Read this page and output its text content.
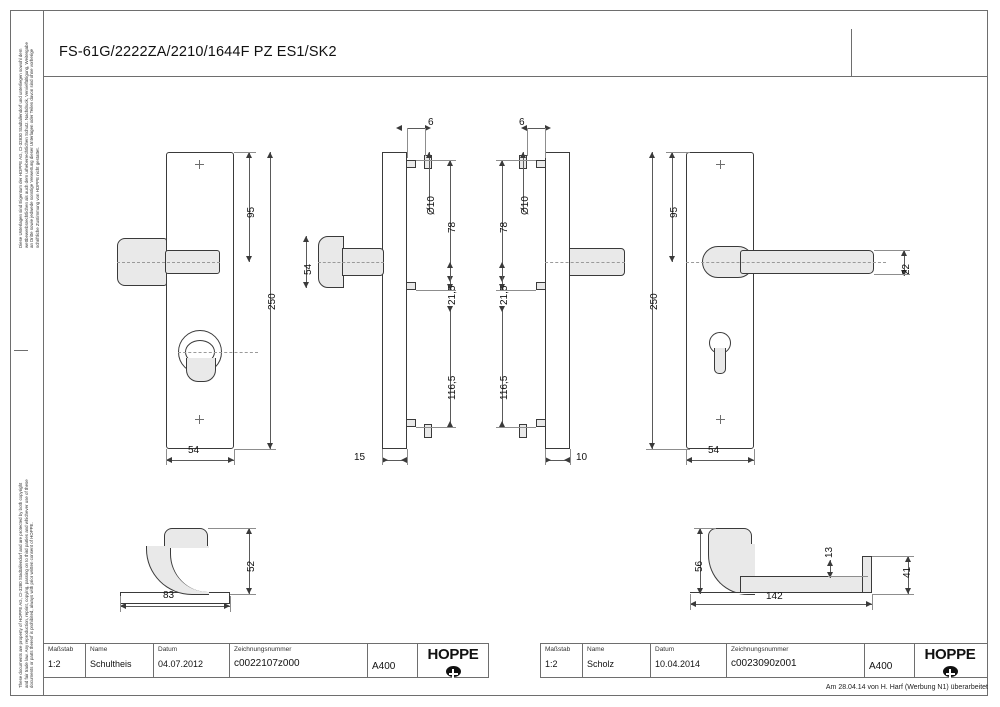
FS-61G/2222ZA/2210/1644F PZ ES1/SK2
Diese Unterlagen sind Eigentum der HOPPE AG, CI-32830 Stadtallendorf und unterliegen sowohl dem wettbewerbsrechtlichen als auch dem urheberrechtlichen Schutz. Nachdruck, Vervielfältigung, Weitergabe an Dritte sowie jedwede sonstige Verwertung dieser Unterlagen oder Teilen davon sind ohne vorherige schriftliche Zustimmung von HOPPE nicht gestattet.
These documents are property of HOPPE AG, CI-3280 Stadtallendorf and are protected by both copyright and fair trade law. Any reproduction, reprint, copying, passing on to third parties and whichever use of these documents or parts thereof is prohibited, always with prior written consent of HOPPE.
95
250
54
54
6
Ø10
78
21,5
116,5
15
6
Ø10
78
21,5
116,5
10
95
250
54
22
52
83
56
13
41
142
Maßstab
1:2
Name
Schultheis
Datum
04.07.2012
Zeichnungsnummer
c0022107z000	A400
HOPPE	Maßstab
1:2
Name
Scholz
Datum
10.04.2014
Zeichnungsnummer
c0023090z001	A400
HOPPE
Am 28.04.14 von H. Harf (Werbung N1) überarbeitet
